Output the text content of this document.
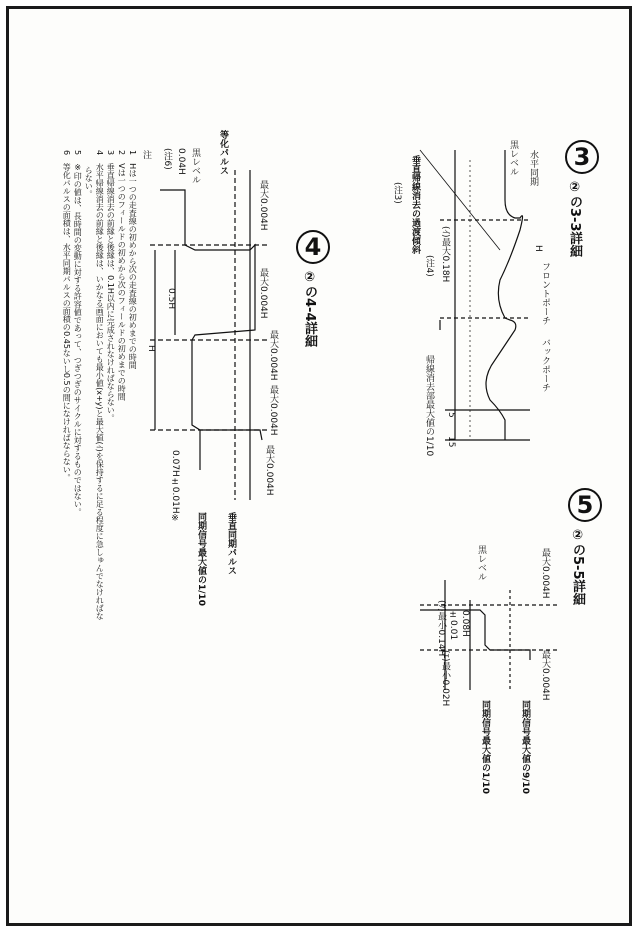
3
②の3-3詳細
水平同期
黒レベル
(ｲ)最大0.18H
(注4)
垂直帰線消去の過渡傾斜
(注3)
H
フロントポーチ
バックポーチ
帰線消去部最大値の1/10 5
15
4
②の4-4詳細
等化パルス
黒レベル
0.04H
(注6)
最大0.004H
最大0.004H
最大0.004H
最大0.004H
最大0.004H
0.5H
H
0.07H±0.01H※
垂直同期パルス
同期信号最大値の1/10
5
②の5-5詳細
黒レベル	最大0.004H
0.08H
±0.01
(ｳ)最小0.14H
最大0.004H
同期信号最大値の9/10
同期信号最大値の1/10
(ｴ)最小0.02H
注
1　Hは一つの走査線の初めから次の走査線の初めまでの時間
2　Vは一つのフィールドの初めから次のフィールドの初めまでの時間
3　垂直帰線消去の前縁と後縁は、0.1H以内に完成されなければならない。
4　水平帰線消去の前縁と後縁は、いかなる画面においても最小値(x+y)と最大値(ｲ)を保持するに足る程度に急しゅんでなければな
　　らない。
5　※印の値は、長時間の変動に対する許容値であって、つぎつぎのサイクルに対するものではない。
6　等化パルスの面積は、水平同期パルスの面積の0.45ないし0.5の間になければならない。
